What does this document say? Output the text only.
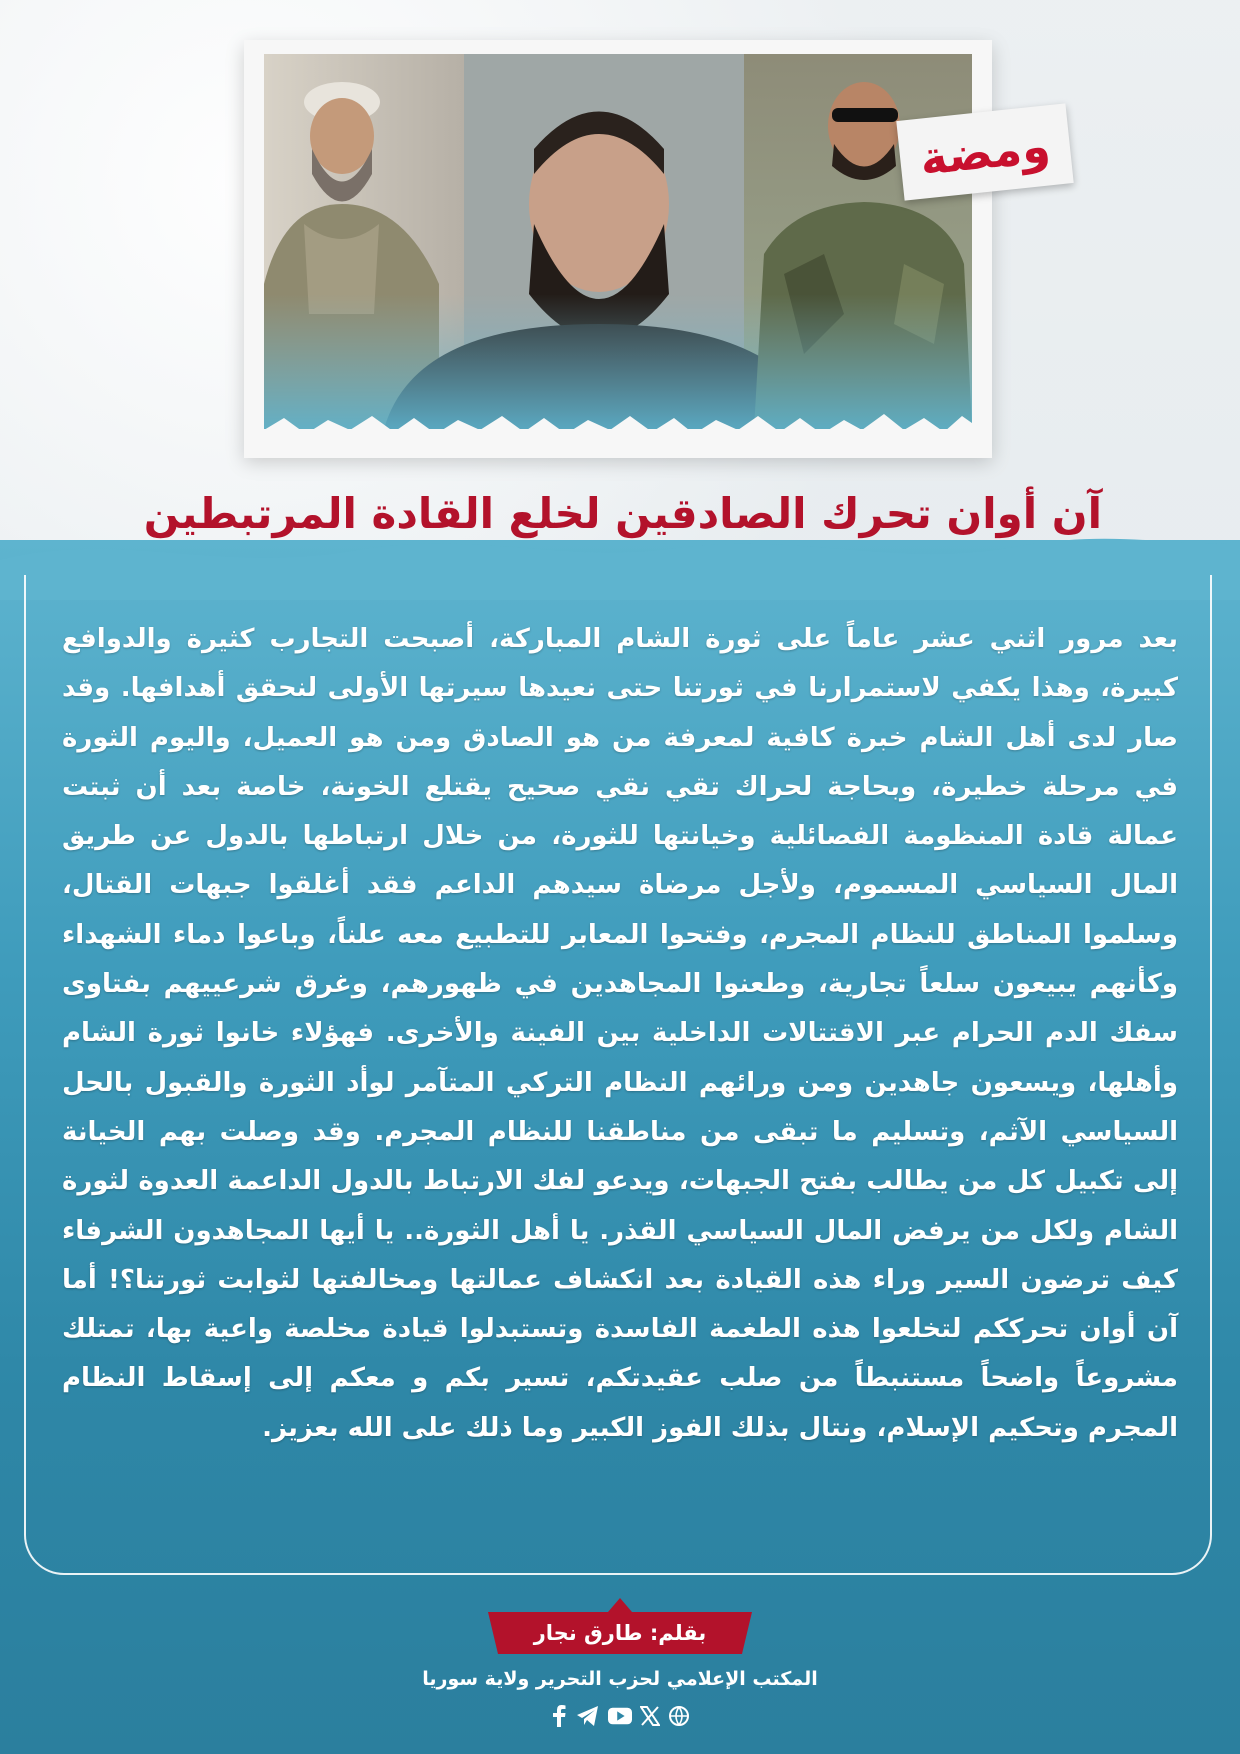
ومضة
آن أوان تحرك الصادقين لخلع القادة المرتبطين
بعد مرور اثني عشر عاماً على ثورة الشام المباركة، أصبحت التجارب كثيرة والدوافع كبيرة، وهذا يكفي لاستمرارنا في ثورتنا حتى نعيدها سيرتها الأولى لنحقق أهدافها. وقد صار لدى أهل الشام خبرة كافية لمعرفة من هو الصادق ومن هو العميل، واليوم الثورة في مرحلة خطيرة، وبحاجة لحراك تقي نقي صحيح يقتلع الخونة، خاصة بعد أن ثبتت عمالة قادة المنظومة الفصائلية وخيانتها للثورة، من خلال ارتباطها بالدول عن طريق المال السياسي المسموم، ولأجل مرضاة سيدهم الداعم فقد أغلقوا جبهات القتال، وسلموا المناطق للنظام المجرم، وفتحوا المعابر للتطبيع معه علناً، وباعوا دماء الشهداء وكأنهم يبيعون سلعاً تجارية، وطعنوا المجاهدين في ظهورهم، وغرق شرعييهم بفتاوى سفك الدم الحرام عبر الاقتتالات الداخلية بين الفينة والأخرى. فهؤلاء خانوا ثورة الشام وأهلها، ويسعون جاهدين ومن ورائهم النظام التركي المتآمر لوأد الثورة والقبول بالحل السياسي الآثم، وتسليم ما تبقى من مناطقنا للنظام المجرم. وقد وصلت بهم الخيانة إلى تكبيل كل من يطالب بفتح الجبهات، ويدعو لفك الارتباط بالدول الداعمة العدوة لثورة الشام ولكل من يرفض المال السياسي القذر. يا أهل الثورة.. يا أيها المجاهدون الشرفاء كيف ترضون السير وراء هذه القيادة بعد انكشاف عمالتها ومخالفتها لثوابت ثورتنا؟! أما آن أوان تحرككم لتخلعوا هذه الطغمة الفاسدة وتستبدلوا قيادة مخلصة واعية بها، تمتلك مشروعاً واضحاً مستنبطاً من صلب عقيدتكم، تسير بكم و معكم إلى إسقاط النظام المجرم وتحكيم الإسلام، ونتال بذلك الفوز الكبير وما ذلك على الله بعزيز.
بقلم: طارق نجار
المكتب الإعلامي لحزب التحرير ولاية سوريا
